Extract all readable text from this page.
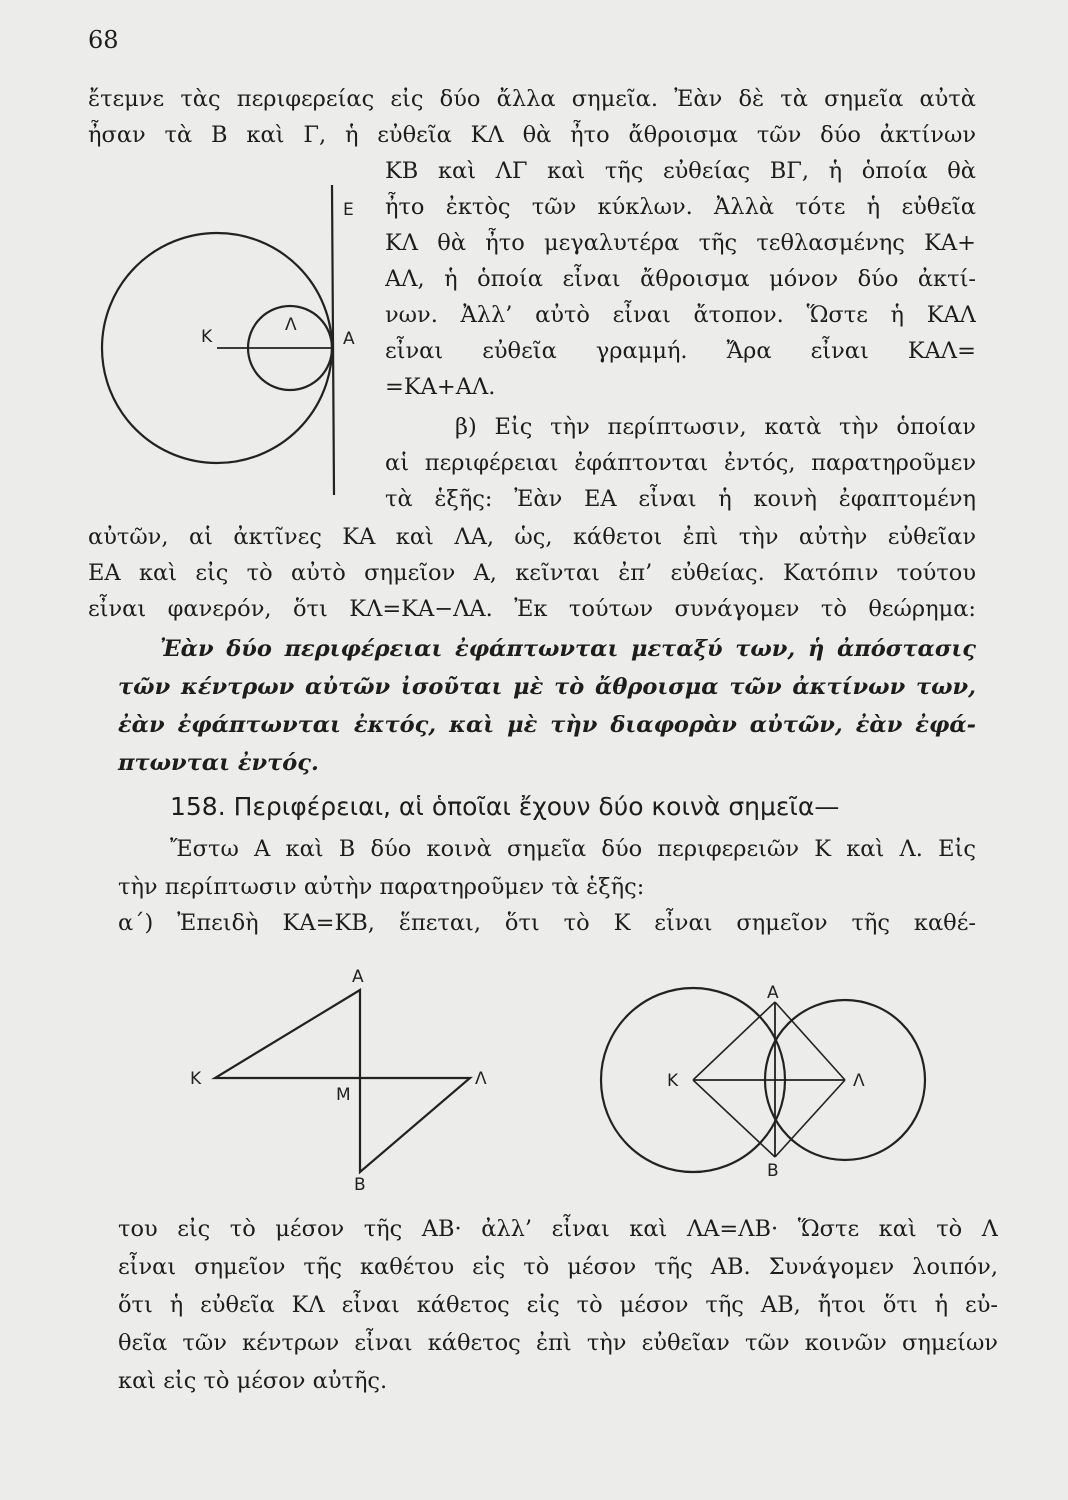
68
ἔτεμνε τὰς περιφερείας εἰς δύο ἄλλα σημεῖα. Ἐὰν δὲ τὰ σημεῖα αὐτὰ
ἦσαν τὰ Β καὶ Γ, ἡ εὐθεῖα ΚΛ θὰ ἦτο ἄθροισμα τῶν δύο ἀκτίνων
ΚΒ καὶ ΛΓ καὶ τῆς εὐθείας ΒΓ, ἡ ὁποία θὰ
ἦτο ἐκτὸς τῶν κύκλων. Ἀλλὰ τότε ἡ εὐθεῖα
ΚΛ θὰ ἦτο μεγαλυτέρα τῆς τεθλασμένης ΚΑ+
ΑΛ, ἡ ὁποία εἶναι ἄθροισμα μόνον δύο ἀκτί-
νων. Ἀλλ’ αὐτὸ εἶναι ἄτοπον. Ὥστε ἡ ΚΑΛ
εἶναι εὐθεῖα γραμμή. Ἄρα εἶναι ΚΑΛ=
=ΚΑ+ΑΛ.
β) Εἰς τὴν περίπτωσιν, κατὰ τὴν ὁποίαν
αἱ περιφέρειαι ἐφάπτονται ἐντός, παρατηροῦμεν
τὰ ἑξῆς: Ἐὰν ΕΑ εἶναι ἡ κοινὴ ἐφαπτομένη
αὐτῶν, αἱ ἀκτῖνες ΚΑ καὶ ΛΑ, ὡς, κάθετοι ἐπὶ τὴν αὐτὴν εὐθεῖαν
ΕΑ καὶ εἰς τὸ αὐτὸ σημεῖον Α, κεῖνται ἐπ’ εὐθείας. Κατόπιν τούτου
εἶναι φανερόν, ὅτι ΚΛ=ΚΑ−ΛΑ. Ἐκ τούτων συνάγομεν τὸ θεώρημα:
Ἐὰν δύο περιφέρειαι ἐφάπτωνται μεταξύ των, ἡ ἀπόστασις
τῶν κέντρων αὐτῶν ἰσοῦται μὲ τὸ ἄθροισμα τῶν ἀκτίνων των,
ἐὰν ἐφάπτωνται ἐκτός, καὶ μὲ τὴν διαφορὰν αὐτῶν, ἐὰν ἐφά-
πτωνται ἐντός.
158. Περιφέρειαι, αἱ ὁποῖαι ἔχουν δύο κοινὰ σημεῖα—
Ἔστω Α καὶ Β δύο κοινὰ σημεῖα δύο περιφερειῶν Κ καὶ Λ. Εἰς
τὴν περίπτωσιν αὐτὴν παρατηροῦμεν τὰ ἑξῆς:
α΄) Ἐπειδὴ ΚΑ=ΚΒ, ἕπεται, ὅτι τὸ Κ εἶναι σημεῖον τῆς καθέ-
του εἰς τὸ μέσον τῆς ΑΒ· ἀλλ’ εἶναι καὶ ΛΑ=ΛΒ· Ὥστε καὶ τὸ Λ
εἶναι σημεῖον τῆς καθέτου εἰς τὸ μέσον τῆς ΑΒ. Συνάγομεν λοιπόν,
ὅτι ἡ εὐθεῖα ΚΛ εἶναι κάθετος εἰς τὸ μέσον τῆς ΑΒ, ἤτοι ὅτι ἡ εὐ-
θεῖα τῶν κέντρων εἶναι κάθετος ἐπὶ τὴν εὐθεῖαν τῶν κοινῶν σημείων
καὶ εἰς τὸ μέσον αὐτῆς.
Ε
Κ
Λ
Α
Α
Κ
Μ
Λ
Β
Α
Κ	Λ
Β
